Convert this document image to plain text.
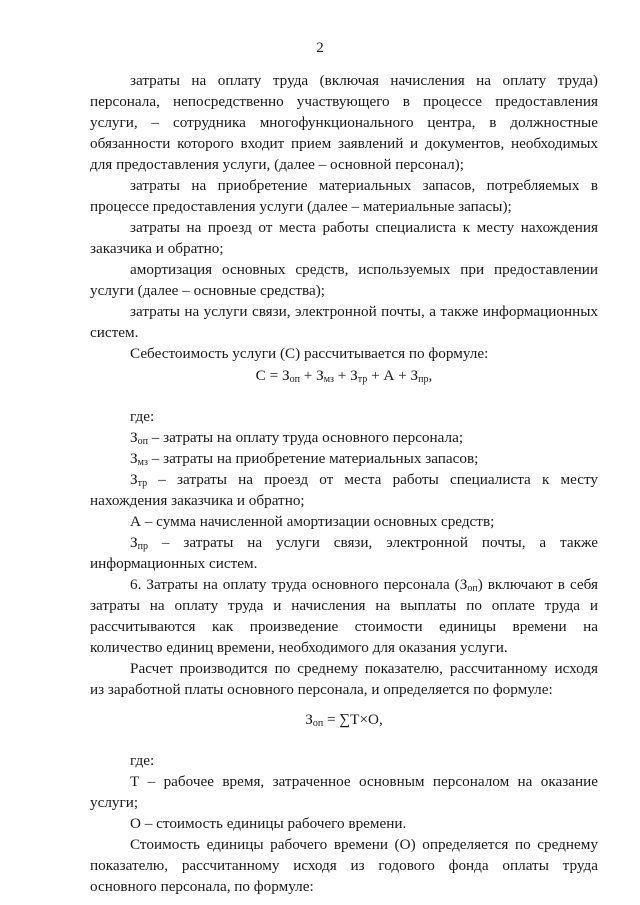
2
затраты на оплату труда (включая начисления на оплату труда)
персонала, непосредственно участвующего в процессе предоставления
услуги, – сотрудника многофункционального центра, в должностные
обязанности которого входит прием заявлений и документов, необходимых
для предоставления услуги, (далее – основной персонал);
затраты на приобретение материальных запасов, потребляемых в
процессе предоставления услуги (далее – материальные запасы);
затраты на проезд от места работы специалиста к месту нахождения
заказчика и обратно;
амортизация основных средств, используемых при предоставлении
услуги (далее – основные средства);
затраты на услуги связи, электронной почты, а также информационных
систем.
Себестоимость услуги (С) рассчитывается по формуле:
где:
нахождения заказчика и обратно;
А – сумма начисленной амортизации основных средств;
информационных систем.
затраты на оплату труда и начисления на выплаты по оплате труда и
рассчитываются как произведение стоимости единицы времени на
количество единиц времени, необходимого для оказания услуги.
Расчет производится по среднему показателю, рассчитанному исходя
из заработной платы основного персонала, и определяется по формуле:
где:
Т – рабочее время, затраченное основным персоналом на оказание
услуги;
О – стоимость единицы рабочего времени.
Стоимость единицы рабочего времени (О) определяется по среднему
показателю, рассчитанному исходя из годового фонда оплаты труда
основного персонала, по формуле:
$С = З_{оп} + З_{мз} + З_{тр} + А + З_{пр}$,
$З_{оп}$ – затраты на оплату труда основного персонала;
$З_{мз}$ – затраты на приобретение материальных запасов;
$З_{тр}$ – затраты на проезд от места работы специалиста к месту
$З_{пр}$ – затраты на услуги связи, электронной почты, а также
6. Затраты на оплату труда основного персонала $(З_{оп})$ включают в себя
$З_{оп} = \sum Т\times О$,
